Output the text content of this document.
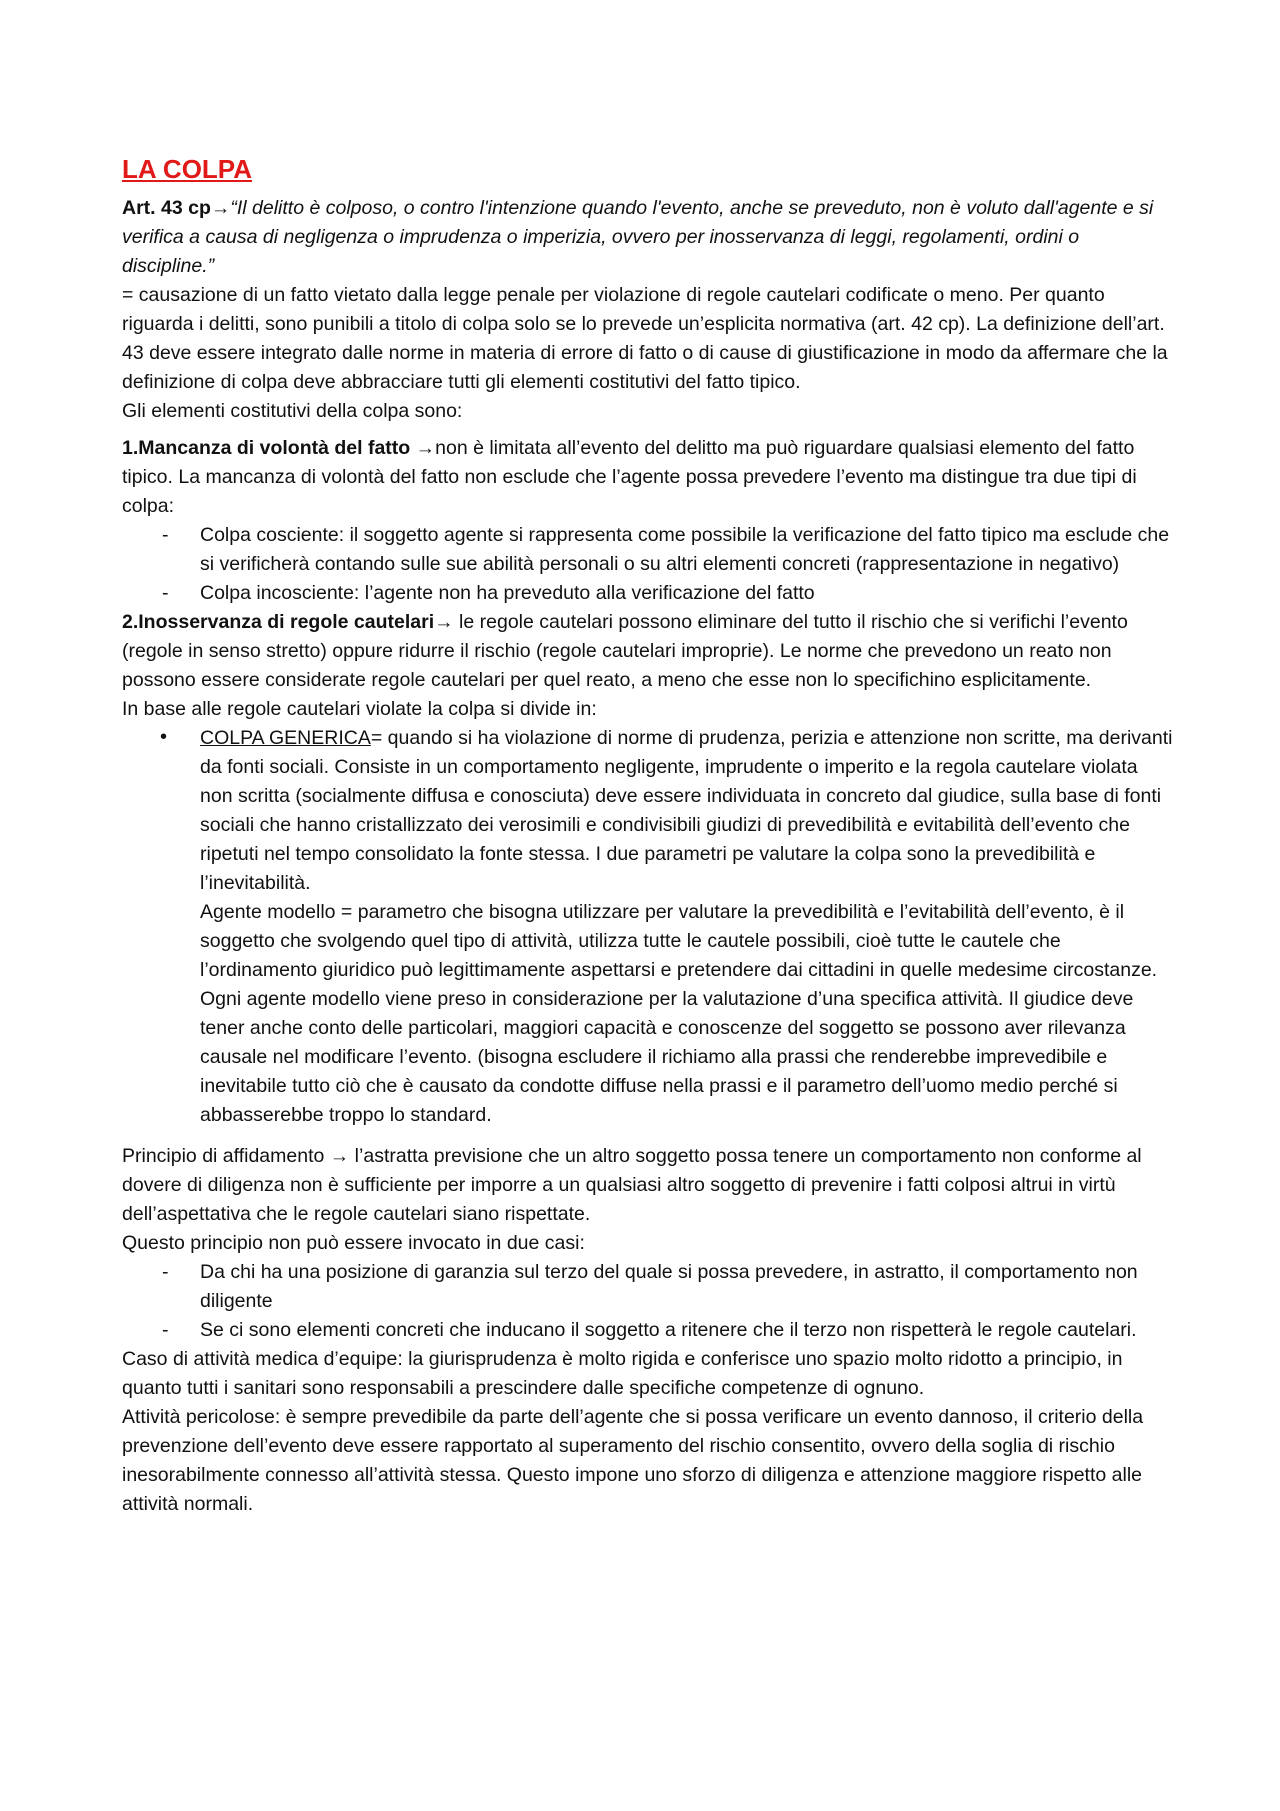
LA COLPA

Art. 43 cp→“Il delitto è colposo, o contro l'intenzione quando l'evento, anche se preveduto, non è voluto dall'agente e si verifica a causa di negligenza o imprudenza o imperizia, ovvero per inosservanza di leggi, regolamenti, ordini o discipline.”

= causazione di un fatto vietato dalla legge penale per violazione di regole cautelari codificate o meno. Per quanto riguarda i delitti, sono punibili a titolo di colpa solo se lo prevede un’esplicita normativa (art. 42 cp). La definizione dell’art. 43 deve essere integrato dalle norme in materia di errore di fatto o di cause di giustificazione in modo da affermare che la definizione di colpa deve abbracciare tutti gli elementi costitutivi del fatto tipico.

Gli elementi costitutivi della colpa sono:

1.Mancanza di volontà del fatto →non è limitata all’evento del delitto ma può riguardare qualsiasi elemento del fatto tipico. La mancanza di volontà del fatto non esclude che l’agente possa prevedere l’evento ma distingue tra due tipi di colpa:

- Colpa cosciente: il soggetto agente si rappresenta come possibile la verificazione del fatto tipico ma esclude che si verificherà contando sulle sue abilità personali o su altri elementi concreti (rappresentazione in negativo)
- Colpa incosciente: l’agente non ha preveduto alla verificazione del fatto

2.Inosservanza di regole cautelari→ le regole cautelari possono eliminare del tutto il rischio che si verifichi l’evento (regole in senso stretto) oppure ridurre il rischio (regole cautelari improprie). Le norme che prevedono un reato non possono essere considerate regole cautelari per quel reato, a meno che esse non lo specifichino esplicitamente.

In base alle regole cautelari violate la colpa si divide in:

• COLPA GENERICA= quando si ha violazione di norme di prudenza, perizia e attenzione non scritte, ma derivanti da fonti sociali. Consiste in un comportamento negligente, imprudente o imperito e la regola cautelare violata non scritta (socialmente diffusa e conosciuta) deve essere individuata in concreto dal giudice, sulla base di fonti sociali che hanno cristallizzato dei verosimili e condivisibili giudizi di prevedibilità e evitabilità dell’evento che ripetuti nel tempo consolidato la fonte stessa. I due parametri pe valutare la colpa sono la prevedibilità e l’inevitabilità.

Agente modello = parametro che bisogna utilizzare per valutare la prevedibilità e l’evitabilità dell’evento, è il soggetto che svolgendo quel tipo di attività, utilizza tutte le cautele possibili, cioè tutte le cautele che l’ordinamento giuridico può legittimamente aspettarsi e pretendere dai cittadini in quelle medesime circostanze. Ogni agente modello viene preso in considerazione per la valutazione d’una specifica attività. Il giudice deve tener anche conto delle particolari, maggiori capacità e conoscenze del soggetto se possono aver rilevanza causale nel modificare l’evento. (bisogna escludere il richiamo alla prassi che renderebbe imprevedibile e inevitabile tutto ciò che è causato da condotte diffuse nella prassi e il parametro dell’uomo medio perché si abbasserebbe troppo lo standard.

Principio di affidamento → l’astratta previsione che un altro soggetto possa tenere un comportamento non conforme al dovere di diligenza non è sufficiente per imporre a un qualsiasi altro soggetto di prevenire i fatti colposi altrui in virtù dell’aspettativa che le regole cautelari siano rispettate.

Questo principio non può essere invocato in due casi:

- Da chi ha una posizione di garanzia sul terzo del quale si possa prevedere, in astratto, il comportamento non diligente
- Se ci sono elementi concreti che inducano il soggetto a ritenere che il terzo non rispetterà le regole cautelari.

Caso di attività medica d’equipe: la giurisprudenza è molto rigida e conferisce uno spazio molto ridotto a principio, in quanto tutti i sanitari sono responsabili a prescindere dalle specifiche competenze di ognuno.

Attività pericolose: è sempre prevedibile da parte dell’agente che si possa verificare un evento dannoso, il criterio della prevenzione dell’evento deve essere rapportato al superamento del rischio consentito, ovvero della soglia di rischio inesorabilmente connesso all’attività stessa. Questo impone uno sforzo di diligenza e attenzione maggiore rispetto alle attività normali.
